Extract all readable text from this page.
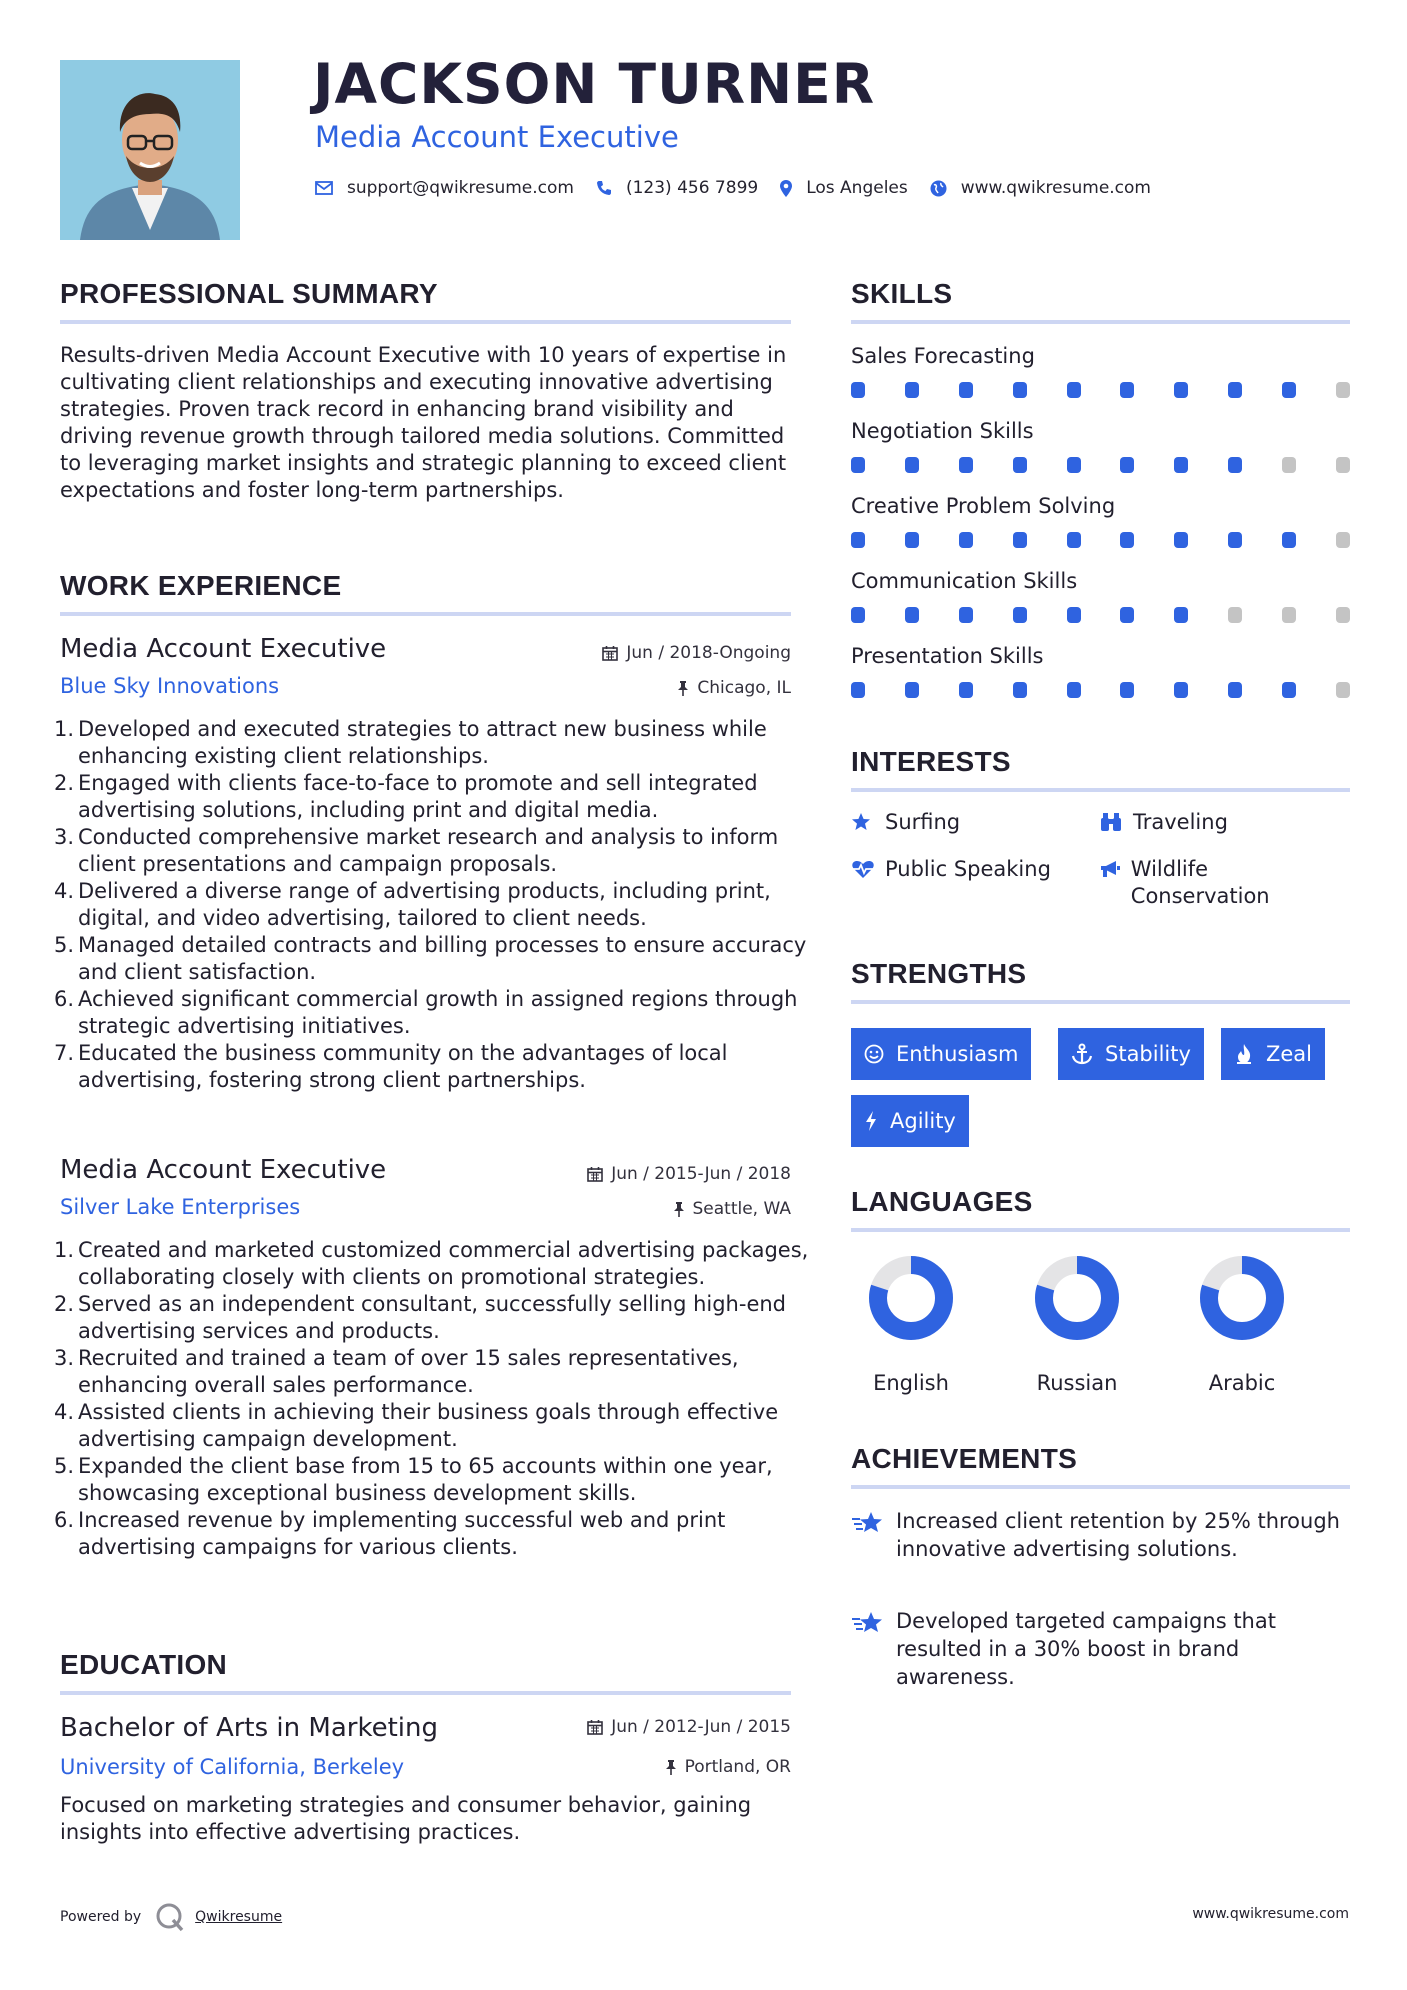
JACKSON TURNER
Media Account Executive
support@qwikresume.com	(123) 456 7899	Los Angeles	www.qwikresume.com
PROFESSIONAL SUMMARY
Results-driven Media Account Executive with 10 years of expertise in cultivating client relationships and executing innovative advertising strategies. Proven track record in enhancing brand visibility and driving revenue growth through tailored media solutions. Committed to leveraging market insights and strategic planning to exceed client expectations and foster long-term partnerships.
WORK EXPERIENCE
Media Account Executive	Jun / 2018-Ongoing
Blue Sky Innovations	Chicago, IL
1. Developed and executed strategies to attract new business while enhancing existing client relationships.
2. Engaged with clients face-to-face to promote and sell integrated advertising solutions, including print and digital media.
3. Conducted comprehensive market research and analysis to inform client presentations and campaign proposals.
4. Delivered a diverse range of advertising products, including print, digital, and video advertising, tailored to client needs.
5. Managed detailed contracts and billing processes to ensure accuracy and client satisfaction.
6. Achieved significant commercial growth in assigned regions through strategic advertising initiatives.
7. Educated the business community on the advantages of local advertising, fostering strong client partnerships.
Media Account Executive	Jun / 2015-Jun / 2018
Silver Lake Enterprises	Seattle, WA
1. Created and marketed customized commercial advertising packages, collaborating closely with clients on promotional strategies.
2. Served as an independent consultant, successfully selling high-end advertising services and products.
3. Recruited and trained a team of over 15 sales representatives, enhancing overall sales performance.
4. Assisted clients in achieving their business goals through effective advertising campaign development.
5. Expanded the client base from 15 to 65 accounts within one year, showcasing exceptional business development skills.
6. Increased revenue by implementing successful web and print advertising campaigns for various clients.
EDUCATION
Bachelor of Arts in Marketing	Jun / 2012-Jun / 2015
University of California, Berkeley	Portland, OR
Focused on marketing strategies and consumer behavior, gaining insights into effective advertising practices.
SKILLS
Sales Forecasting
Negotiation Skills
Creative Problem Solving
Communication Skills
Presentation Skills
INTERESTS
Surfing	Traveling
Public Speaking	Wildlife Conservation
STRENGTHS
Enthusiasm	Stability	Zeal
Agility
LANGUAGES
English	Russian	Arabic
ACHIEVEMENTS
Increased client retention by 25% through innovative advertising solutions.
Developed targeted campaigns that resulted in a 30% boost in brand awareness.
Powered by	Qwikresume	www.qwikresume.com
